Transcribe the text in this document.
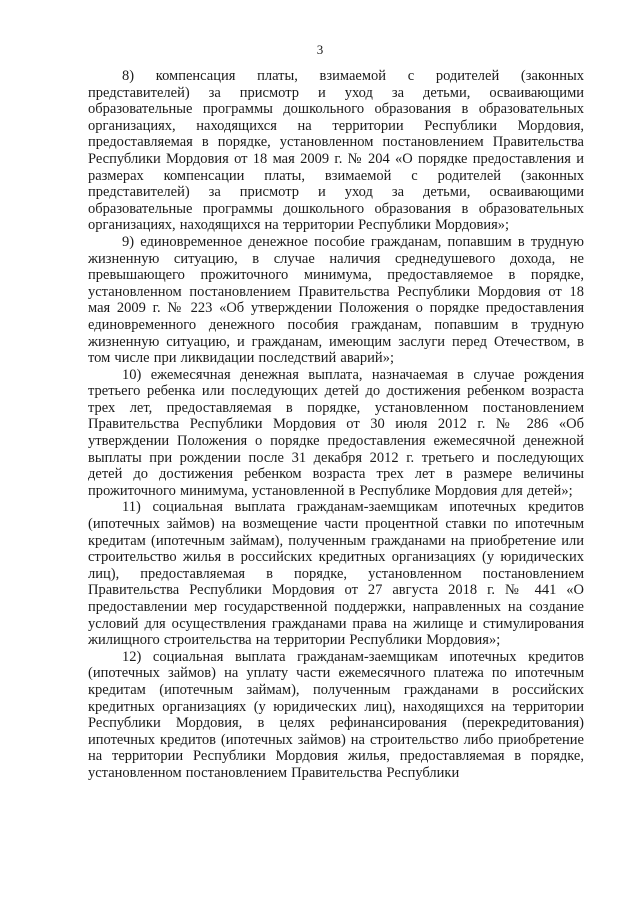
3

8) компенсация платы, взимаемой с родителей (законных представителей) за присмотр и уход за детьми, осваивающими образовательные программы дошкольного образования в образовательных организациях, находящихся на территории Республики Мордовия, предоставляемая в порядке, установленном постановлением Правительства Республики Мордовия от 18 мая 2009 г. № 204 «О порядке предоставления и размерах компенсации платы, взимаемой с родителей (законных представителей) за присмотр и уход за детьми, осваивающими образовательные программы дошкольного образования в образовательных организациях, находящихся на территории Республики Мордовия»;

9) единовременное денежное пособие гражданам, попавшим в трудную жизненную ситуацию, в случае наличия среднедушевого дохода, не превышающего прожиточного минимума, предоставляемое в порядке, установленном постановлением Правительства Республики Мордовия от 18 мая 2009 г. № 223 «Об утверждении Положения о порядке предоставления единовременного денежного пособия гражданам, попавшим в трудную жизненную ситуацию, и гражданам, имеющим заслуги перед Отечеством, в том числе при ликвидации последствий аварий»;

10) ежемесячная денежная выплата, назначаемая в случае рождения третьего ребенка или последующих детей до достижения ребенком возраста трех лет, предоставляемая в порядке, установленном постановлением Правительства Республики Мордовия от 30 июля 2012 г. № 286 «Об утверждении Положения о порядке предоставления ежемесячной денежной выплаты при рождении после 31 декабря 2012 г. третьего и последующих детей до достижения ребенком возраста трех лет в размере величины прожиточного минимума, установленной в Республике Мордовия для детей»;

11) социальная выплата гражданам-заемщикам ипотечных кредитов (ипотечных займов) на возмещение части процентной ставки по ипотечным кредитам (ипотечным займам), полученным гражданами на приобретение или строительство жилья в российских кредитных организациях (у юридических лиц), предоставляемая в порядке, установленном постановлением Правительства Республики Мордовия от 27 августа 2018 г. № 441 «О предоставлении мер государственной поддержки, направленных на создание условий для осуществления гражданами права на жилище и стимулирования жилищного строительства на территории Республики Мордовия»;

12) социальная выплата гражданам-заемщикам ипотечных кредитов (ипотечных займов) на уплату части ежемесячного платежа по ипотечным кредитам (ипотечным займам), полученным гражданами в российских кредитных организациях (у юридических лиц), находящихся на территории Республики Мордовия, в целях рефинансирования (перекредитования) ипотечных кредитов (ипотечных займов) на строительство либо приобретение на территории Республики Мордовия жилья, предоставляемая в порядке, установленном постановлением Правительства Республики
